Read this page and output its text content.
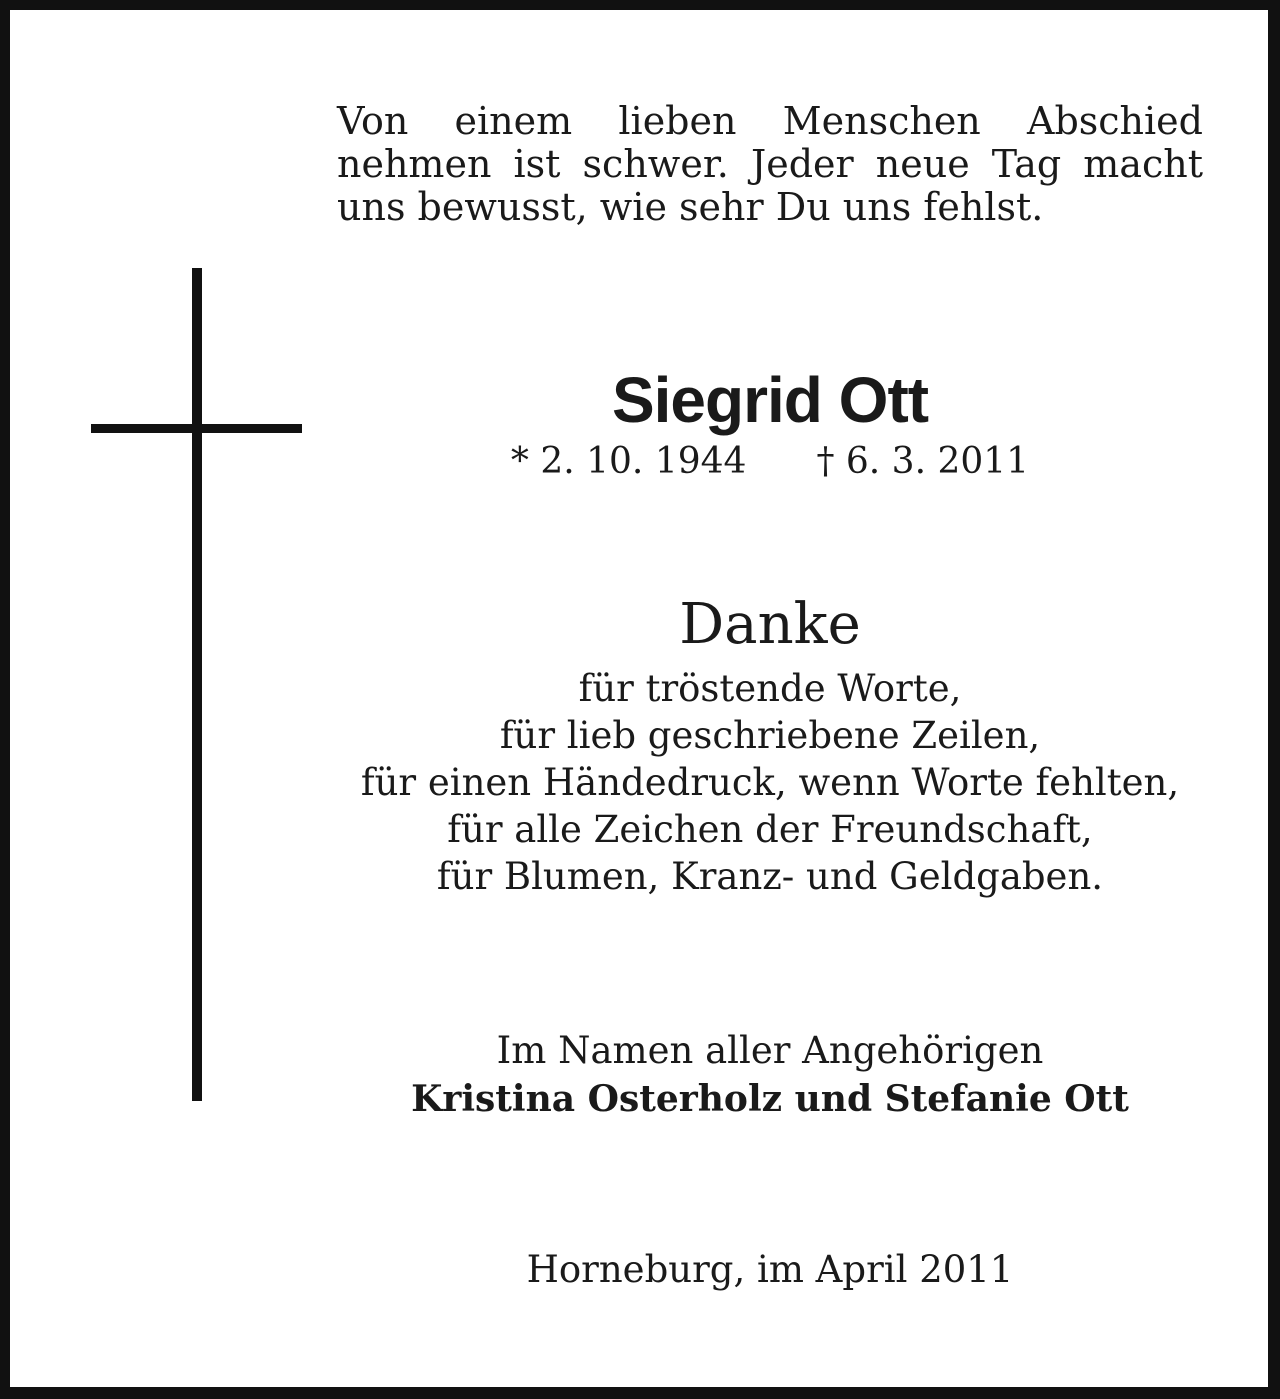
Von einem lieben Menschen Abschied
nehmen ist schwer. Jeder neue Tag macht
uns bewusst, wie sehr Du uns fehlst.
Siegrid Ott
* 2. 10. 1944 † 6. 3. 2011
Danke
für tröstende Worte,
für lieb geschriebene Zeilen,
für einen Händedruck, wenn Worte fehlten,
für alle Zeichen der Freundschaft,
für Blumen, Kranz- und Geldgaben.
Im Namen aller Angehörigen
Kristina Osterholz und Stefanie Ott
Horneburg, im April 2011
